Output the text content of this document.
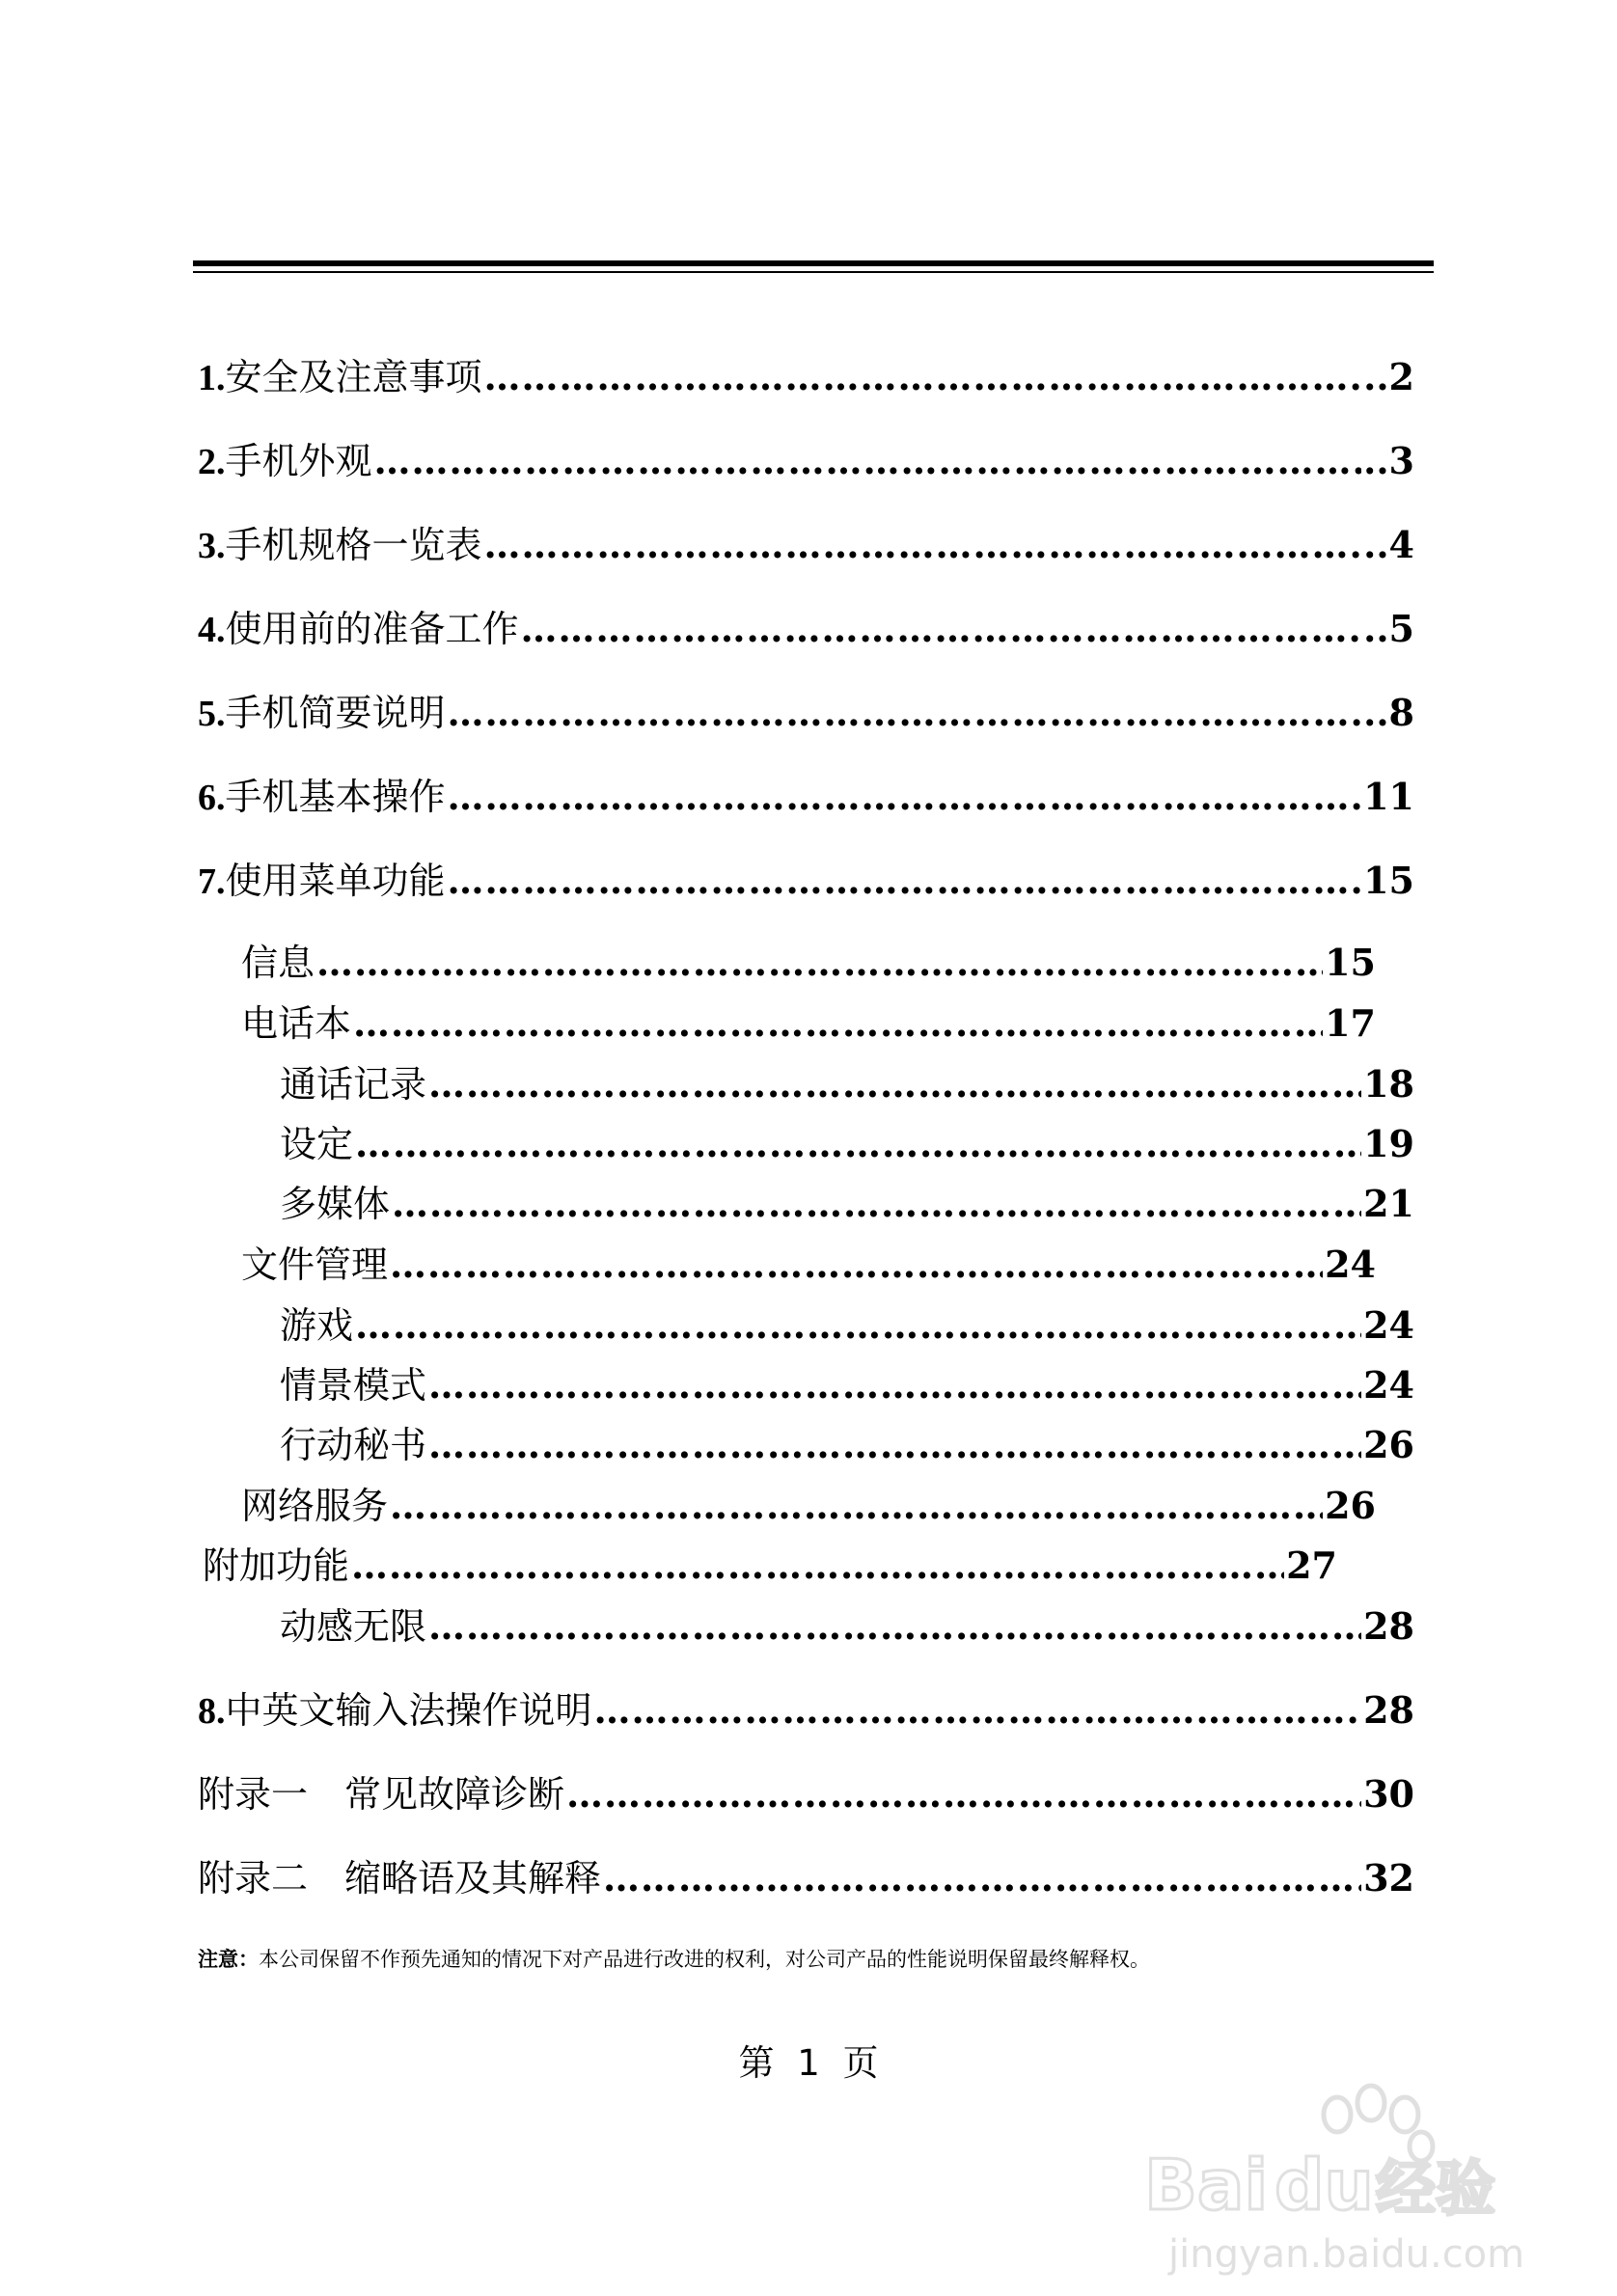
1. 安全及注意事项 ……………………………………………………………………………………………………………………………………………………………………………………………………………………………………………………………………………	..2
2. 手机外观 ……………………………………………………………………………………………………………………………………………………………………………………………………………………………………………………………………………	..3
3. 手机规格一览表 ……………………………………………………………………………………………………………………………………………………………………………………………………………………………………………………………………………	..4
4. 使用前的准备工作 ……………………………………………………………………………………………………………………………………………………………………………………………………………………………………………………………………………	..5
5. 手机简要说明 ……………………………………………………………………………………………………………………………………………………………………………………………………………………………………………………………………………	..8
6. 手机基本操作 ……………………………………………………………………………………………………………………………………………………………………………………………………………………………………………………………………………	11
7. 使用菜单功能 ……………………………………………………………………………………………………………………………………………………………………………………………………………………………………………………………………………	15
信息 ……………………………………………………………………………………………………………………………………………………………………………………………………………………………………………………………………………	15
电话本 ……………………………………………………………………………………………………………………………………………………………………………………………………………………………………………………………………………	17
通话记录 ……………………………………………………………………………………………………………………………………………………………………………………………………………………………………………………………………………	18
设定 ……………………………………………………………………………………………………………………………………………………………………………………………………………………………………………………………………………	19
多媒体 ……………………………………………………………………………………………………………………………………………………………………………………………………………………………………………………………………………	21
文件管理 ……………………………………………………………………………………………………………………………………………………………………………………………………………………………………………………………………………	24
游戏 ……………………………………………………………………………………………………………………………………………………………………………………………………………………………………………………………………………	24
情景模式 ……………………………………………………………………………………………………………………………………………………………………………………………………………………………………………………………………………	24
行动秘书 ……………………………………………………………………………………………………………………………………………………………………………………………………………………………………………………………………………	26
网络服务 ……………………………………………………………………………………………………………………………………………………………………………………………………………………………………………………………………………	26
附加功能 ……………………………………………………………………………………………………………………………………………………………………………………………………………………………………………………………………………	27
动感无限 ……………………………………………………………………………………………………………………………………………………………………………………………………………………………………………………………………………	28
8. 中英文输入法操作说明 ……………………………………………………………………………………………………………………………………………………………………………………………………………………………………………………………………………	28
附录一　常见故障诊断 ……………………………………………………………………………………………………………………………………………………………………………………………………………………………………………………………………………	30
附录二　缩略语及其解释 ……………………………………………………………………………………………………………………………………………………………………………………………………………………………………………………………………………	32
注意：本公司保留不作预先通知的情况下对产品进行改进的权利，对公司产品的性能说明保留最终解释权。
第 1 页
Bai du 经验
jingyan.baidu.com
